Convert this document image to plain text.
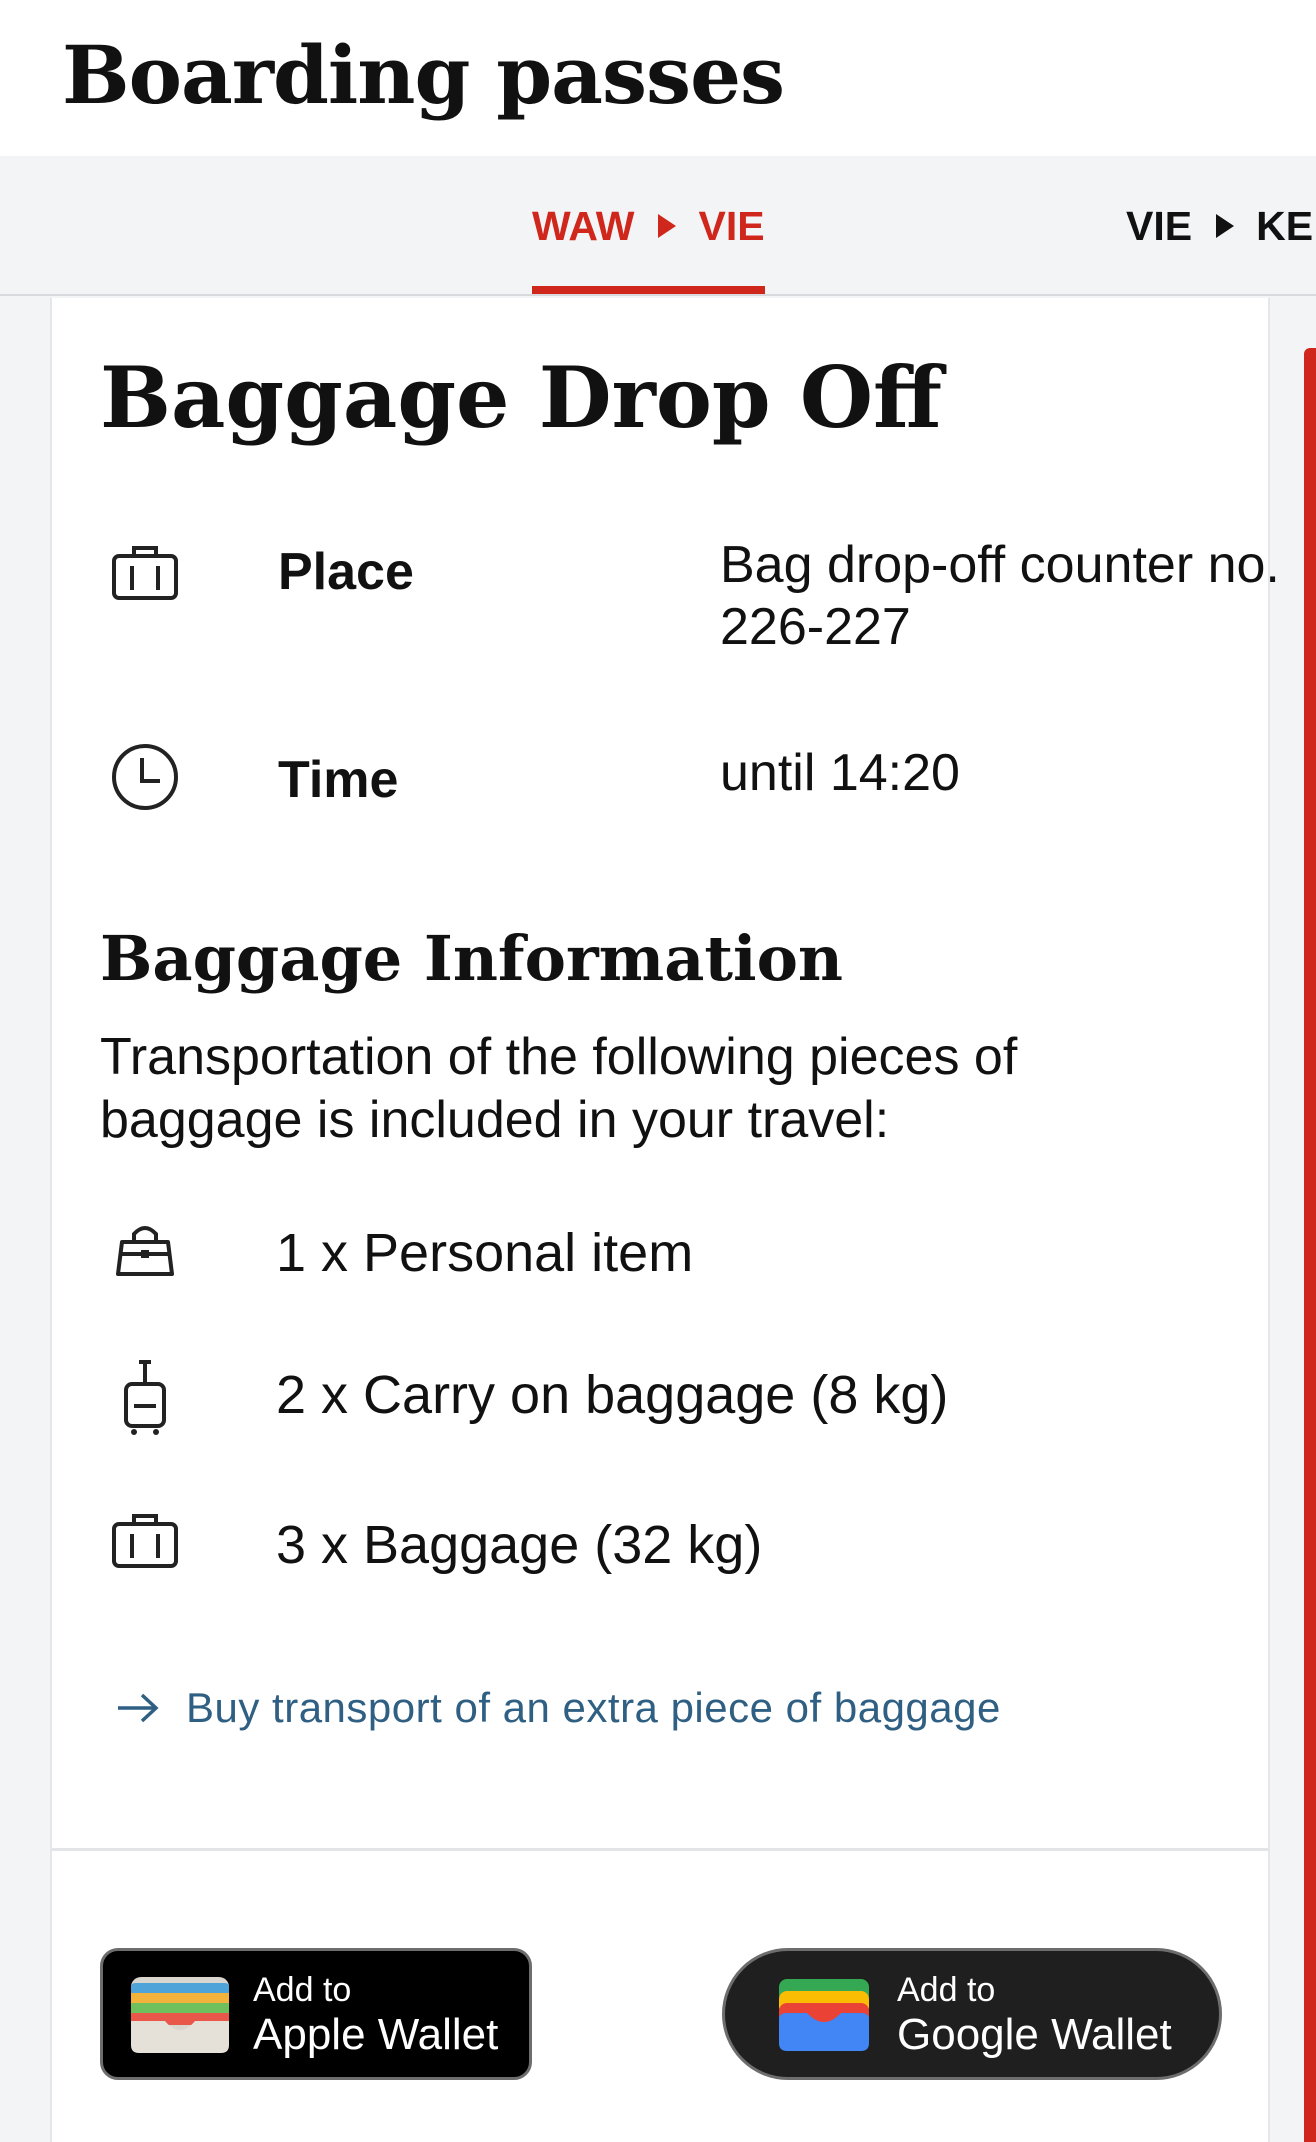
Boarding passes
WAW VIE	VIE KE
Baggage Drop Off
Place	Bag drop-off counter no. 226-227
Time	until 14:20
Baggage Information
Transportation of the following pieces of baggage is included in your travel:
1 x Personal item
2 x Carry on baggage (8 kg)
3 x Baggage (32 kg)
Buy transport of an extra piece of baggage
Add to
Apple Wallet
Add to
Google Wallet
